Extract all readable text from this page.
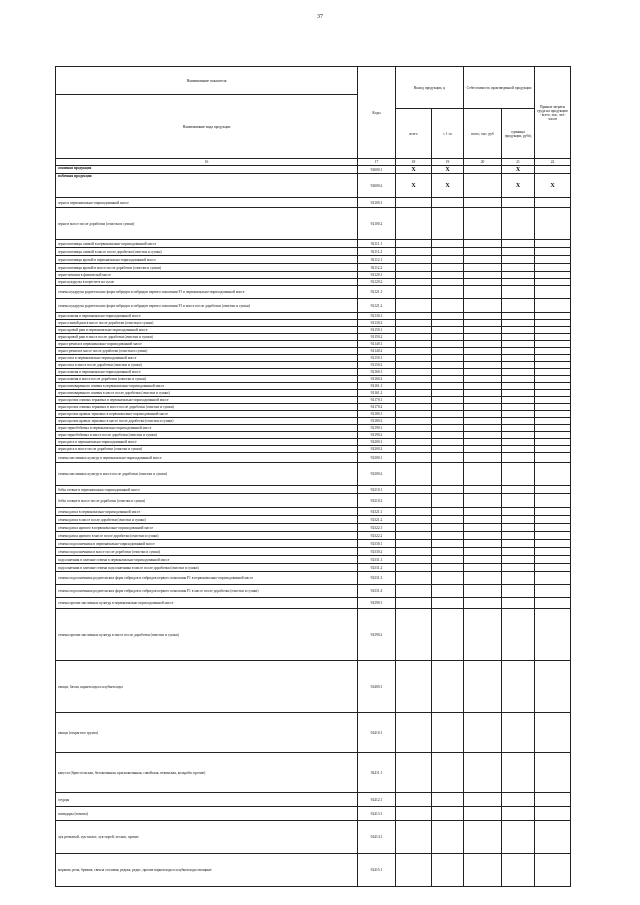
37
Наименование показателя	Коды	Выход продукции, ц		Себестоимость произведенной продукции		Прямые затраты труда на продукцию - всего, тыс. чел-часов
Наименование вида продукции						
		всего	с 1 га	всего, тыс. руб	единицы продукции, руб/ц	
16	17	18	19	20	21	22
основная продукция	92000.1	X	X		X	
побочная продукция	92000.2	X	X		X	X
зерно в первоначально-оприходованной массе	92100.1					
зерно в массе после доработки (очистки и сушки)	92100.2					
зерно пшеницы озимой в первоначально-оприходованной массе	92111.1					
зерно пшеницы озимой в массе после доработки (очистки и сушки)	92111.2					
зерно пшеницы яровой в первоначально-оприходованной массе	92112.1					
зерно пшеницы яровой в массе после доработки (очистки и сушки)	92112.2					
зерно-початки в физической массе	92120.1					
зерно кукурузы в пересчете на сухое	92120.2					
семена кукурузы родительских форм гибридов и гибридов первого поколения F1 в первоначально-оприходованной массе	92121.1					
семена кукурузы родительских форм гибридов и гибридов первого поколения F1 в массе после доработки (очистки и сушки)	92121.2					
зерно ячменя в первоначально-оприходованной массе	92130.1					
зерно озимой ржи в массе после доработки (очистки и сушки)	92130.2					
зерно яровой ржи в первоначально-оприходованной массе	92150.1					
зерно яровой ржи в массе после доработки (очистки и сушки)	92150.2					
зерно гречихи в первоначально-оприходованной массе	92140.1					
зерно гречихи в массе после доработки (очистки и сушки)	92140.2					
зерно овса в первоначально-оприходованной массе	92150.1					
зерно овса в массе после доработки (очистки и сушки)	92150.2					
зерно ячменя в первоначально-оприходованной массе	92160.1					
зерно ячменя в массе после доработки (очистки и сушки)	92160.2					
зерно пивоваренного ячменя в первоначально-оприходованной массе	92161.1					
зерно пивоваренного ячменя в массе после доработки (очистки и сушки)	92161.2					
зерно прочих озимых зерновых в первоначально-оприходованной массе	92170.1					
зерно прочих озимых зерновых в массе после доработки (очистки и сушки)	92170.2					
зерно прочих яровых зерновых в первоначально-оприходованной массе	92180.1					
зерно прочих яровых зерновых в массе после доработки (очистки и сушки)	92180.2					
зерно зернобобовых в первоначально-оприходованной массе	92190.1					
зерно зернобобовых в массе после доработки (очистки и сушки)	92190.2					
зерно риса в первоначально-оприходованной массе	92200.1					
зерно риса в массе после доработки (очистки и сушки)	92200.2					
семена масличных культур в первоначально-оприходованной массе	92300.1					
семена масличных культур в массе после доработки (очистки и сушки)	92300.2					
бобы соевые в первоначально-оприходованной массе	92310.1					
бобы соевые в массе после доработки (очистки и сушки)	92310.2					
семена рапса в первоначально-оприходованной массе	92321.1					
семена рапса в массе после доработки (очистки и сушки)	92321.2					
семена рапса ярового в первоначально-оприходованной массе	92322.1					
семена рапса ярового в массе после доработки (очистки и сушки)	92322.2					
семена подсолнечника в первоначально-оприходованной массе	92330.1					
семена подсолнечника в массе после доработки (очистки и сушки)	92330.2					
подсолнечник в элитные семена в первоначально-оприходованной массе	92331.1					
подсолнечник в элитные семена подсолнечника в массе после доработки (очистки и сушки)	92331.2					
семена подсолнечника родительских форм гибридов и гибридов первого поколения F1 в первоначально-оприходованной массе	92331.3					
семена подсолнечника родительских форм гибридов и гибридов первого поколения F1 в массе после доработки (очистки и сушки)	92331.4					
семена прочих масличных культур в первоначально-оприходованной массе	92390.1					
семена прочих масличных культур в массе после доработки (очистки и сушки)	92390.2					
овощи, бахчи, корнеплоды и клубнеплоды	92400.1					
овощи (открытого грунта)	92410.1					
капуста (брюссельская, белокочанная, краснокочанная, савойская, пекинская, кольраби, прочие)	92411.1					
огурцы	92412.1					
помидоры (томаты)	92413.1					
лук репчатый, лук-шалот, лук-порей, чеснок, прочие	92414.1					
морковь, репа, брюква, свекла столовая, редька, редис, прочие корнеплоды и клубнеплоды овощные	92415.1					
